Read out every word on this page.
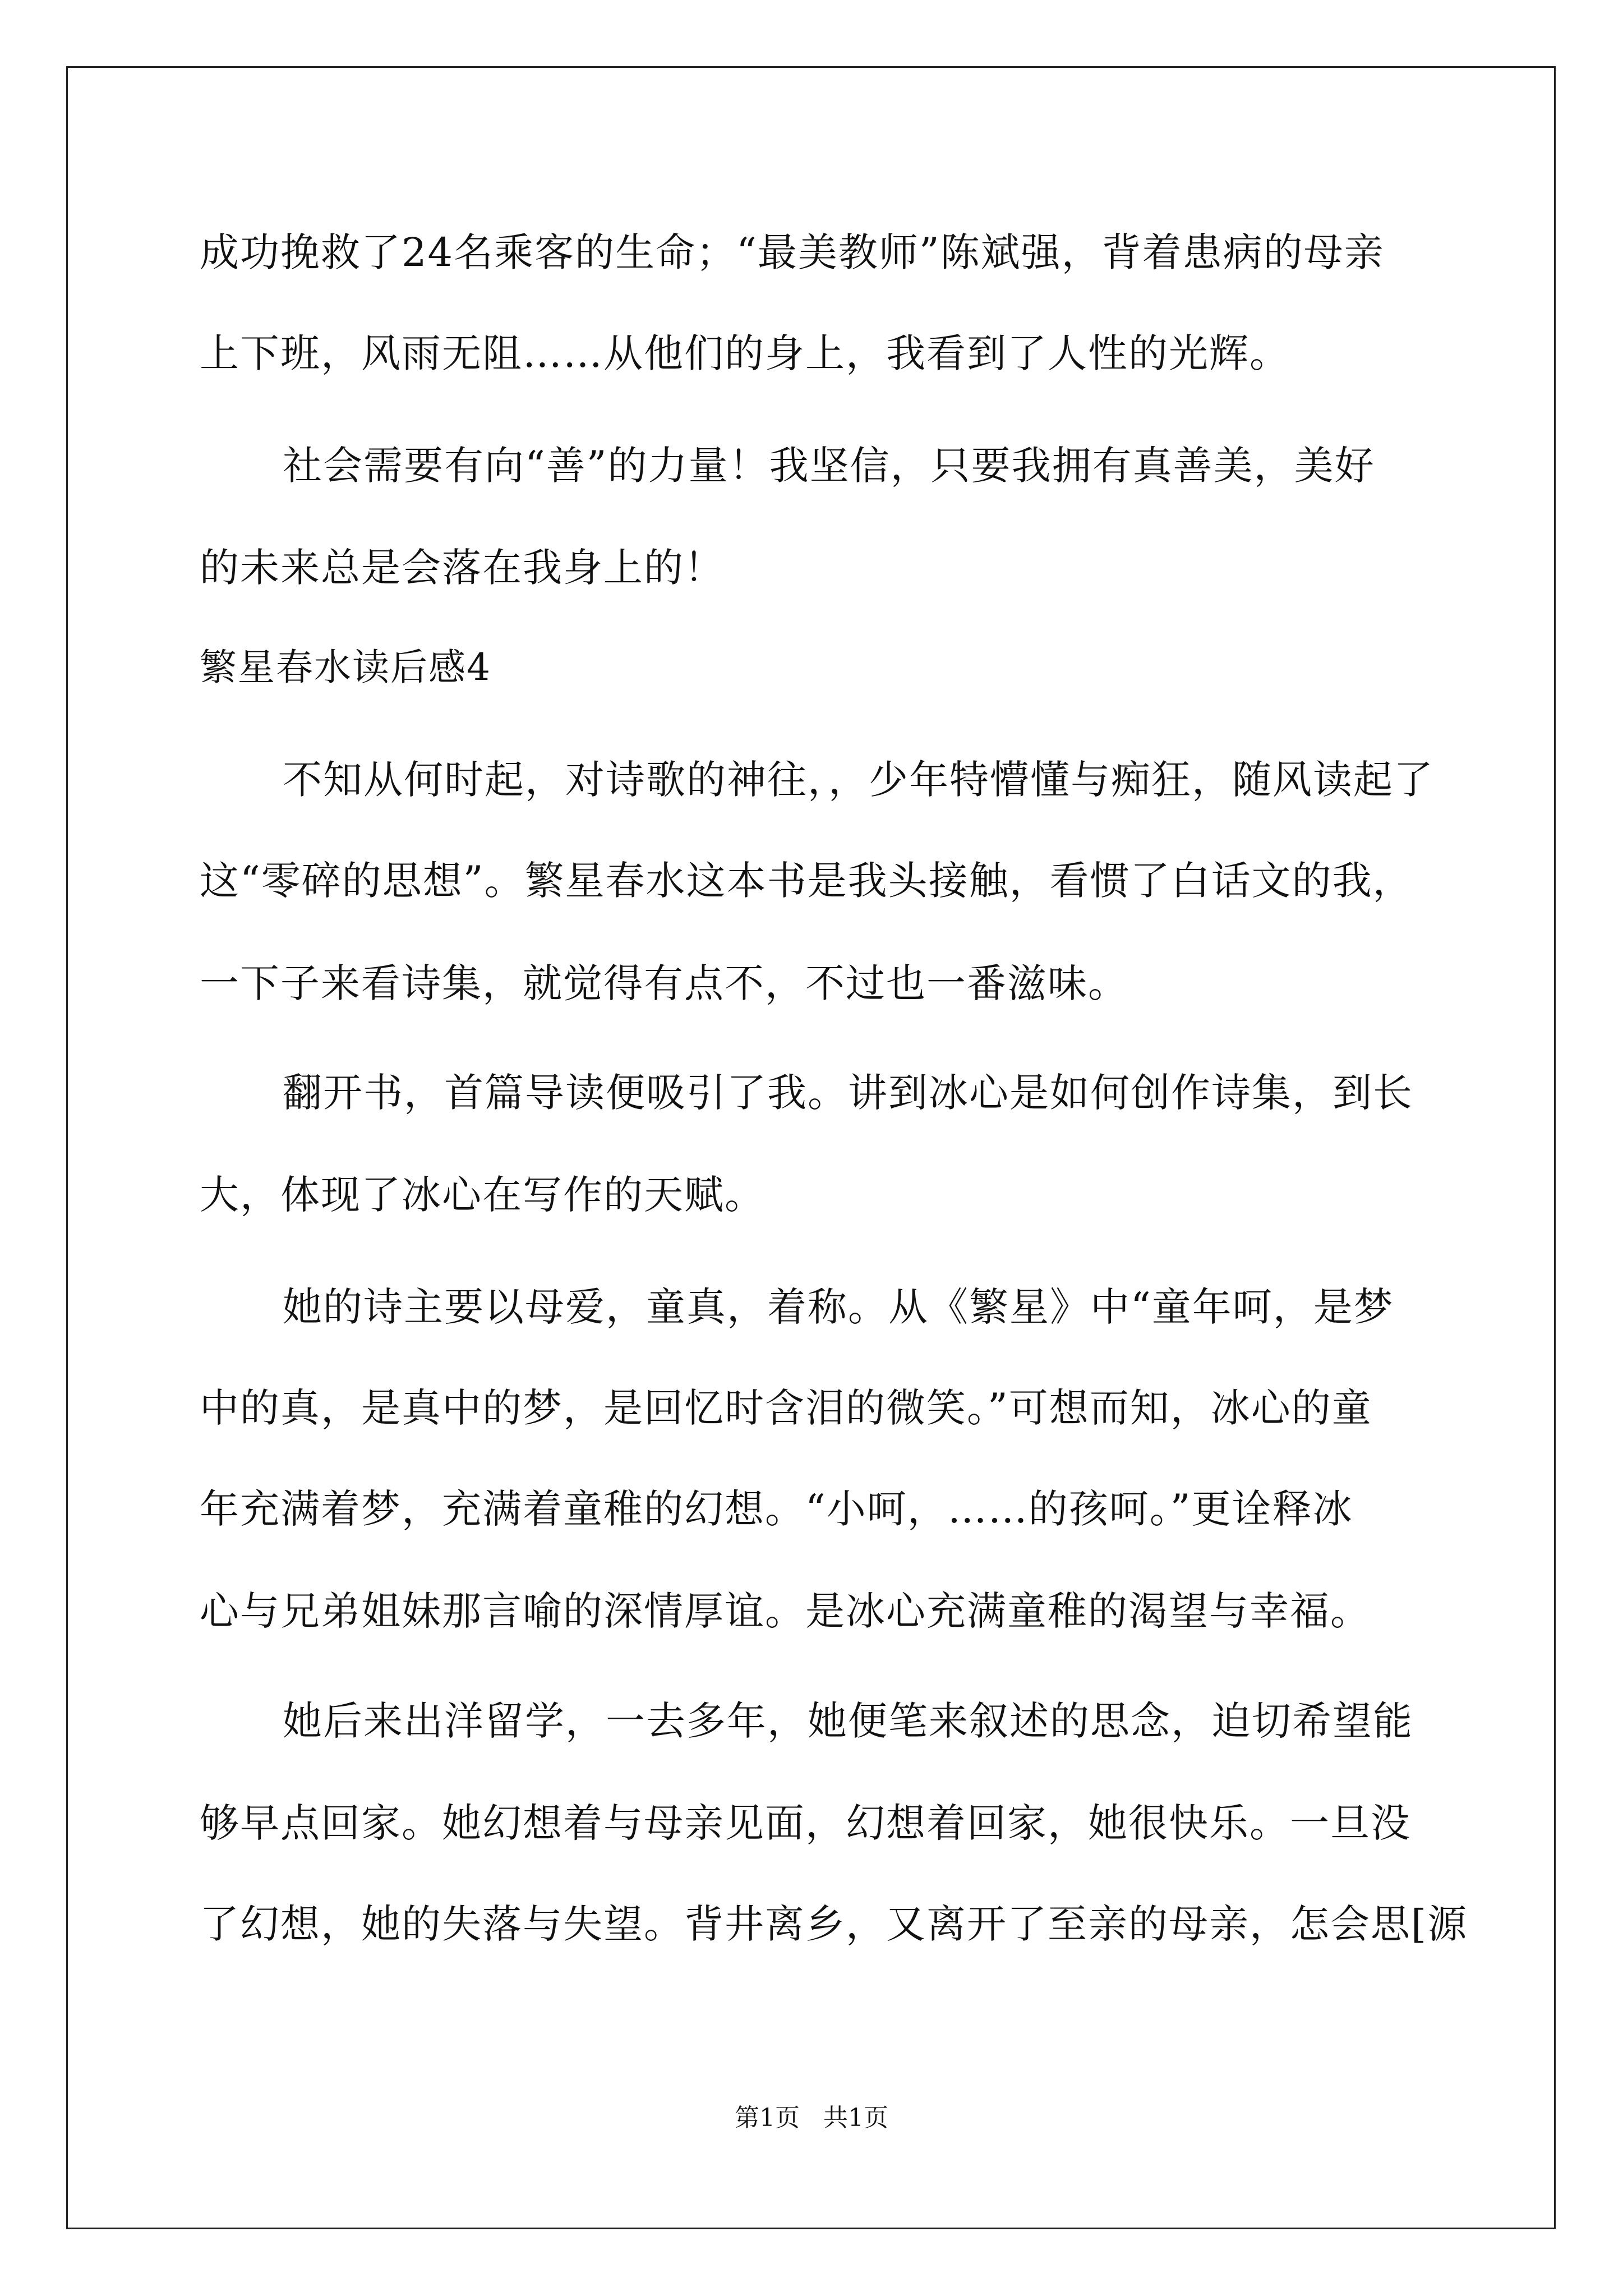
成功挽救了24名乘客的生命；“最美教师”陈斌强，背着患病的母亲
上下班，风雨无阻……从他们的身上，我看到了人性的光辉。
社会需要有向“善”的力量！我坚信，只要我拥有真善美，美好
的未来总是会落在我身上的！
繁星春水读后感4
不知从何时起，对诗歌的神往，，少年特懵懂与痴狂，随风读起了
这“零碎的思想”。繁星春水这本书是我头接触，看惯了白话文的我，
一下子来看诗集，就觉得有点不，不过也一番滋味。
翻开书，首篇导读便吸引了我。讲到冰心是如何创作诗集，到长
大，体现了冰心在写作的天赋。
她的诗主要以母爱，童真，着称。从《繁星》中“童年呵，是梦
中的真，是真中的梦，是回忆时含泪的微笑。”可想而知，冰心的童
年充满着梦，充满着童稚的幻想。“小呵，……的孩呵。”更诠释冰
心与兄弟姐妹那言喻的深情厚谊。是冰心充满童稚的渴望与幸福。
她后来出洋留学，一去多年，她便笔来叙述的思念，迫切希望能
够早点回家。她幻想着与母亲见面，幻想着回家，她很快乐。一旦没
了幻想，她的失落与失望。背井离乡，又离开了至亲的母亲，怎会思[源
第1页   共1页
